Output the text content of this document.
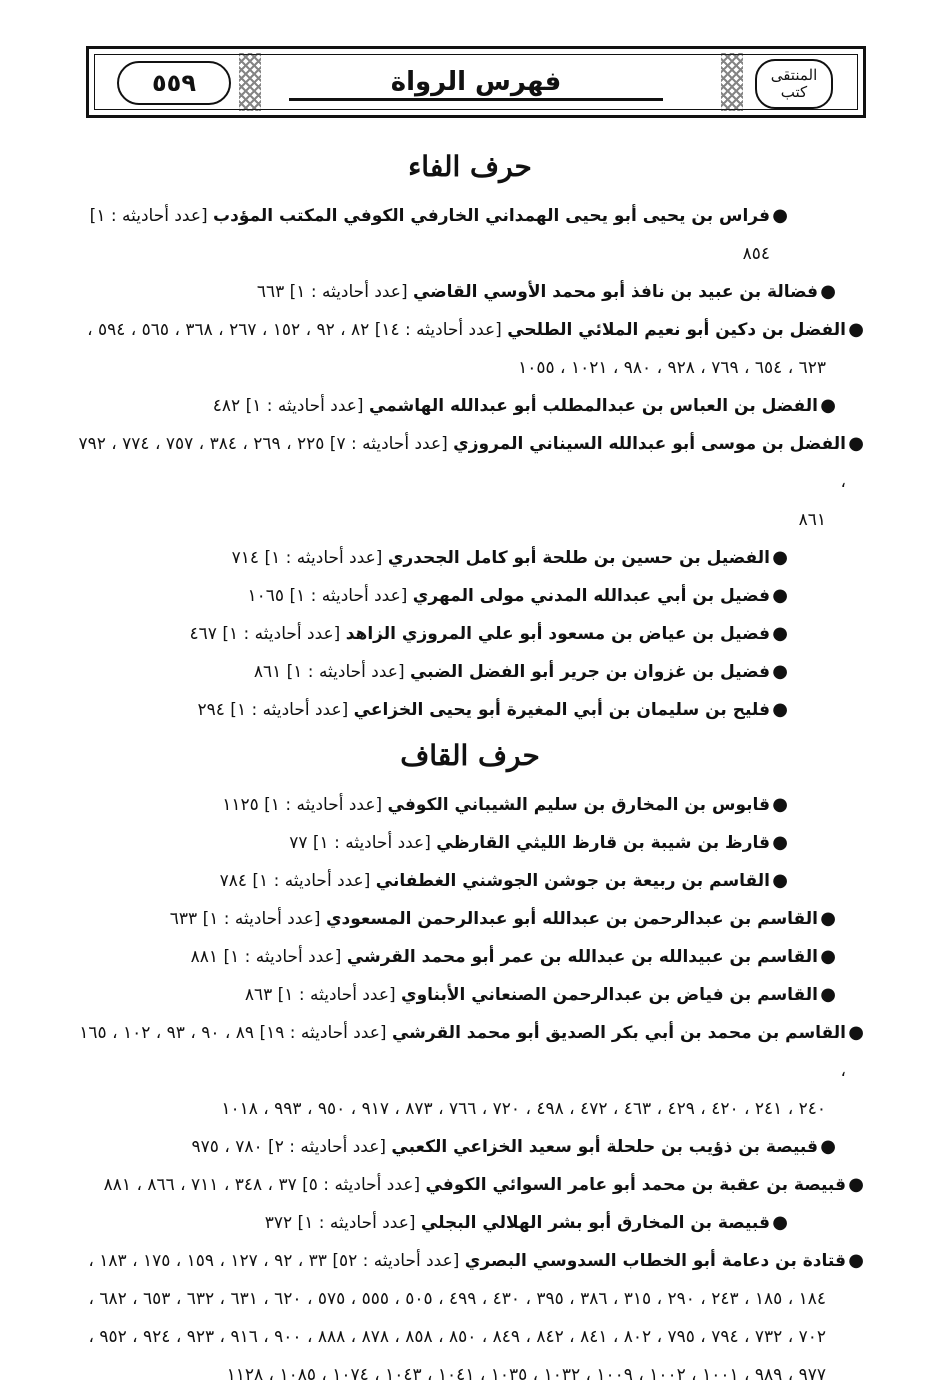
٥٥٩	فهرس الرواة	المنتقى
كتب
حرف الفاء
●
فراس بن يحيى أبو يحيى الهمداني الخارفي الكوفي المكتب المؤدب [عدد أحاديثه : ١] ٨٥٤
●
فضالة بن عبيد بن نافذ أبو محمد الأوسي القاضي [عدد أحاديثه : ١] ٦٦٣
●
الفضل بن دكين أبو نعيم الملائي الطلحي [عدد أحاديثه : ١٤] ٨٢ ، ٩٢ ، ١٥٢ ، ٢٦٧ ، ٣٦٨ ، ٥٦٥ ، ٥٩٤ ،
٦٢٣ ، ٦٥٤ ، ٧٦٩ ، ٩٢٨ ، ٩٨٠ ، ١٠٢١ ، ١٠٥٥
●
الفضل بن العباس بن عبدالمطلب أبو عبدالله الهاشمي [عدد أحاديثه : ١] ٤٨٢
●
الفضل بن موسى أبو عبدالله السيناني المروزي [عدد أحاديثه : ٧] ٢٢٥ ، ٢٦٩ ، ٣٨٤ ، ٧٥٧ ، ٧٧٤ ، ٧٩٢ ،
٨٦١
●
الفضيل بن حسين بن طلحة أبو كامل الجحدري [عدد أحاديثه : ١] ٧١٤
●
فضيل بن أبي عبدالله المدني مولى المهري [عدد أحاديثه : ١] ١٠٦٥
●
فضيل بن عياض بن مسعود أبو علي المروزي الزاهد [عدد أحاديثه : ١] ٤٦٧
●
فضيل بن غزوان بن جرير أبو الفضل الضبي [عدد أحاديثه : ١] ٨٦١
●
فليح بن سليمان بن أبي المغيرة أبو يحيى الخزاعي [عدد أحاديثه : ١] ٢٩٤
حرف القاف
●
قابوس بن المخارق بن سليم الشيباني الكوفي [عدد أحاديثه : ١] ١١٢٥
●
قارظ بن شيبة بن قارظ الليثي القارظي [عدد أحاديثه : ١] ٧٧
●
القاسم بن ربيعة بن جوشن الجوشني الغطفاني [عدد أحاديثه : ١] ٧٨٤
●
القاسم بن عبدالرحمن بن عبدالله أبو عبدالرحمن المسعودي [عدد أحاديثه : ١] ٦٣٣
●
القاسم بن عبيدالله بن عبدالله بن عمر أبو محمد القرشي [عدد أحاديثه : ١] ٨٨١
●
القاسم بن فياض بن عبدالرحمن الصنعاني الأبناوي [عدد أحاديثه : ١] ٨٦٣
●
القاسم بن محمد بن أبي بكر الصديق أبو محمد القرشي [عدد أحاديثه : ١٩] ٨٩ ، ٩٠ ، ٩٣ ، ١٠٢ ، ١٦٥ ،
٢٤٠ ، ٢٤١ ، ٤٢٠ ، ٤٢٩ ، ٤٦٣ ، ٤٧٢ ، ٤٩٨ ، ٧٢٠ ، ٧٦٦ ، ٨٧٣ ، ٩١٧ ، ٩٥٠ ، ٩٩٣ ، ١٠١٨
●
قبيصة بن ذؤيب بن حلحلة أبو سعيد الخزاعي الكعبي [عدد أحاديثه : ٢] ٧٨٠ ، ٩٧٥
●
قبيصة بن عقبة بن محمد أبو عامر السوائي الكوفي [عدد أحاديثه : ٥] ٣٧ ، ٣٤٨ ، ٧١١ ، ٨٦٦ ، ٨٨١
●
قبيصة بن المخارق أبو بشر الهلالي البجلي [عدد أحاديثه : ١] ٣٧٢
●
قتادة بن دعامة أبو الخطاب السدوسي البصري [عدد أحاديثه : ٥٢] ٣٣ ، ٩٢ ، ١٢٧ ، ١٥٩ ، ١٧٥ ، ١٨٣ ،
١٨٤ ، ١٨٥ ، ٢٤٣ ، ٢٩٠ ، ٣١٥ ، ٣٨٦ ، ٣٩٥ ، ٤٣٠ ، ٤٩٩ ، ٥٠٥ ، ٥٥٥ ، ٥٧٥ ، ٦٢٠ ، ٦٣١ ، ٦٣٢ ، ٦٥٣ ، ٦٨٢ ، ٧٠٢ ، ٧٣٢ ، ٧٩٤ ، ٧٩٥ ، ٨٠٢ ، ٨٤١ ، ٨٤٢ ، ٨٤٩ ، ٨٥٠ ، ٨٥٨ ، ٨٧٨ ، ٨٨٨ ، ٩٠٠ ، ٩١٦ ، ٩٢٣ ، ٩٢٤ ، ٩٥٢ ، ٩٧٧ ، ٩٨٩ ، ١٠٠١ ، ١٠٠٢ ، ١٠٠٩ ، ١٠٣٢ ، ١٠٣٥ ، ١٠٤١ ، ١٠٤٣ ، ١٠٧٤ ، ١٠٨٥ ، ١١٢٨
